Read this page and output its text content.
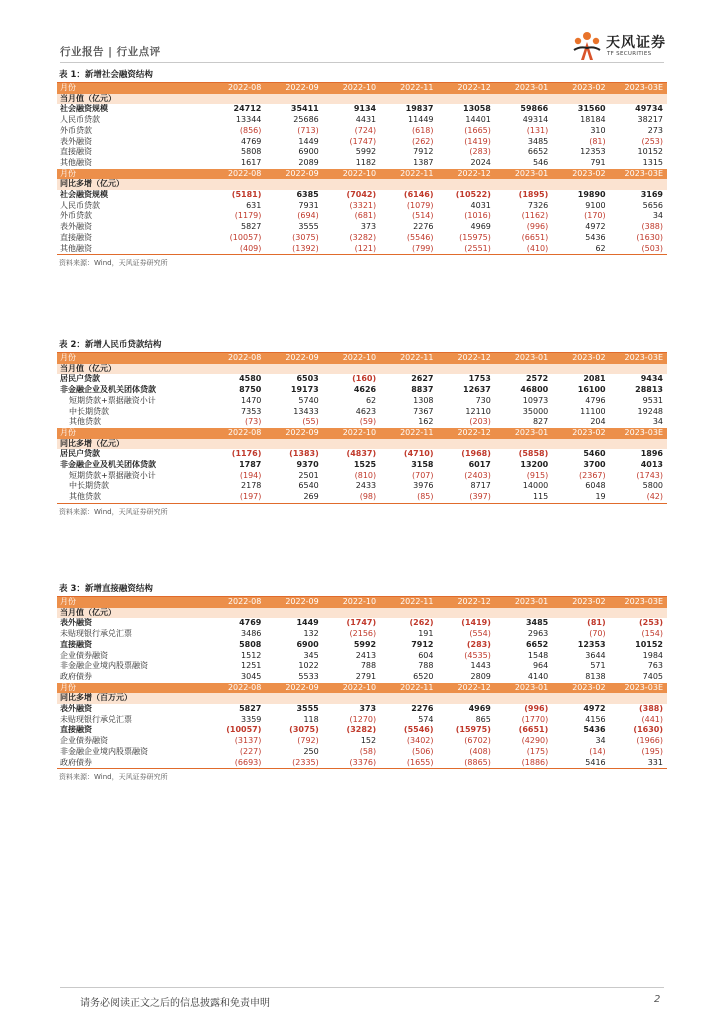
行业报告 | 行业点评
天风证券
TF SECURITIES
表 1：新增社会融资结构
月份	2022-08	2022-09	2022-10	2022-11	2022-12	2023-01	2023-02	2023-03E
当月值（亿元）								
社会融资规模	24712	35411	9134	19837	13058	59866	31560	49734
人民币贷款	13344	25686	4431	11449	14401	49314	18184	38217
外币贷款	(856)	(713)	(724)	(618)	(1665)	(131)	310	273
表外融资	4769	1449	(1747)	(262)	(1419)	3485	(81)	(253)
直接融资	5808	6900	5992	7912	(283)	6652	12353	10152
其他融资	1617	2089	1182	1387	2024	546	791	1315
月份	2022-08	2022-09	2022-10	2022-11	2022-12	2023-01	2023-02	2023-03E
同比多增（亿元）								
社会融资规模	(5181)	6385	(7042)	(6146)	(10522)	(1895)	19890	3169
人民币贷款	631	7931	(3321)	(1079)	4031	7326	9100	5656
外币贷款	(1179)	(694)	(681)	(514)	(1016)	(1162)	(170)	34
表外融资	5827	3555	373	2276	4969	(996)	4972	(388)
直接融资	(10057)	(3075)	(3282)	(5546)	(15975)	(6651)	5436	(1630)
其他融资	(409)	(1392)	(121)	(799)	(2551)	(410)	62	(503)
资料来源：Wind，天风证券研究所
表 2：新增人民币贷款结构
月份	2022-08	2022-09	2022-10	2022-11	2022-12	2023-01	2023-02	2023-03E
当月值（亿元）								
居民户贷款	4580	6503	(160)	2627	1753	2572	2081	9434
非金融企业及机关团体贷款	8750	19173	4626	8837	12637	46800	16100	28813
短期贷款+票据融资小计	1470	5740	62	1308	730	10973	4796	9531
中长期贷款	7353	13433	4623	7367	12110	35000	11100	19248
其他贷款	(73)	(55)	(59)	162	(203)	827	204	34
月份	2022-08	2022-09	2022-10	2022-11	2022-12	2023-01	2023-02	2023-03E
同比多增（亿元）								
居民户贷款	(1176)	(1383)	(4837)	(4710)	(1968)	(5858)	5460	1896
非金融企业及机关团体贷款	1787	9370	1525	3158	6017	13200	3700	4013
短期贷款+票据融资小计	(194)	2501	(810)	(707)	(2403)	(915)	(2367)	(1743)
中长期贷款	2178	6540	2433	3976	8717	14000	6048	5800
其他贷款	(197)	269	(98)	(85)	(397)	115	19	(42)
资料来源：Wind，天风证券研究所
表 3：新增直接融资结构
月份	2022-08	2022-09	2022-10	2022-11	2022-12	2023-01	2023-02	2023-03E
当月值（亿元）								
表外融资	4769	1449	(1747)	(262)	(1419)	3485	(81)	(253)
未贴现银行承兑汇票	3486	132	(2156)	191	(554)	2963	(70)	(154)
直接融资	5808	6900	5992	7912	(283)	6652	12353	10152
企业债券融资	1512	345	2413	604	(4535)	1548	3644	1984
非金融企业境内股票融资	1251	1022	788	788	1443	964	571	763
政府债券	3045	5533	2791	6520	2809	4140	8138	7405
月份	2022-08	2022-09	2022-10	2022-11	2022-12	2023-01	2023-02	2023-03E
同比多增（百万元）								
表外融资	5827	3555	373	2276	4969	(996)	4972	(388)
未贴现银行承兑汇票	3359	118	(1270)	574	865	(1770)	4156	(441)
直接融资	(10057)	(3075)	(3282)	(5546)	(15975)	(6651)	5436	(1630)
企业债券融资	(3137)	(792)	152	(3402)	(6702)	(4290)	34	(1966)
非金融企业境内股票融资	(227)	250	(58)	(506)	(408)	(175)	(14)	(195)
政府债券	(6693)	(2335)	(3376)	(1655)	(8865)	(1886)	5416	331
资料来源：Wind，天风证券研究所
请务必阅读正文之后的信息披露和免责申明	2
